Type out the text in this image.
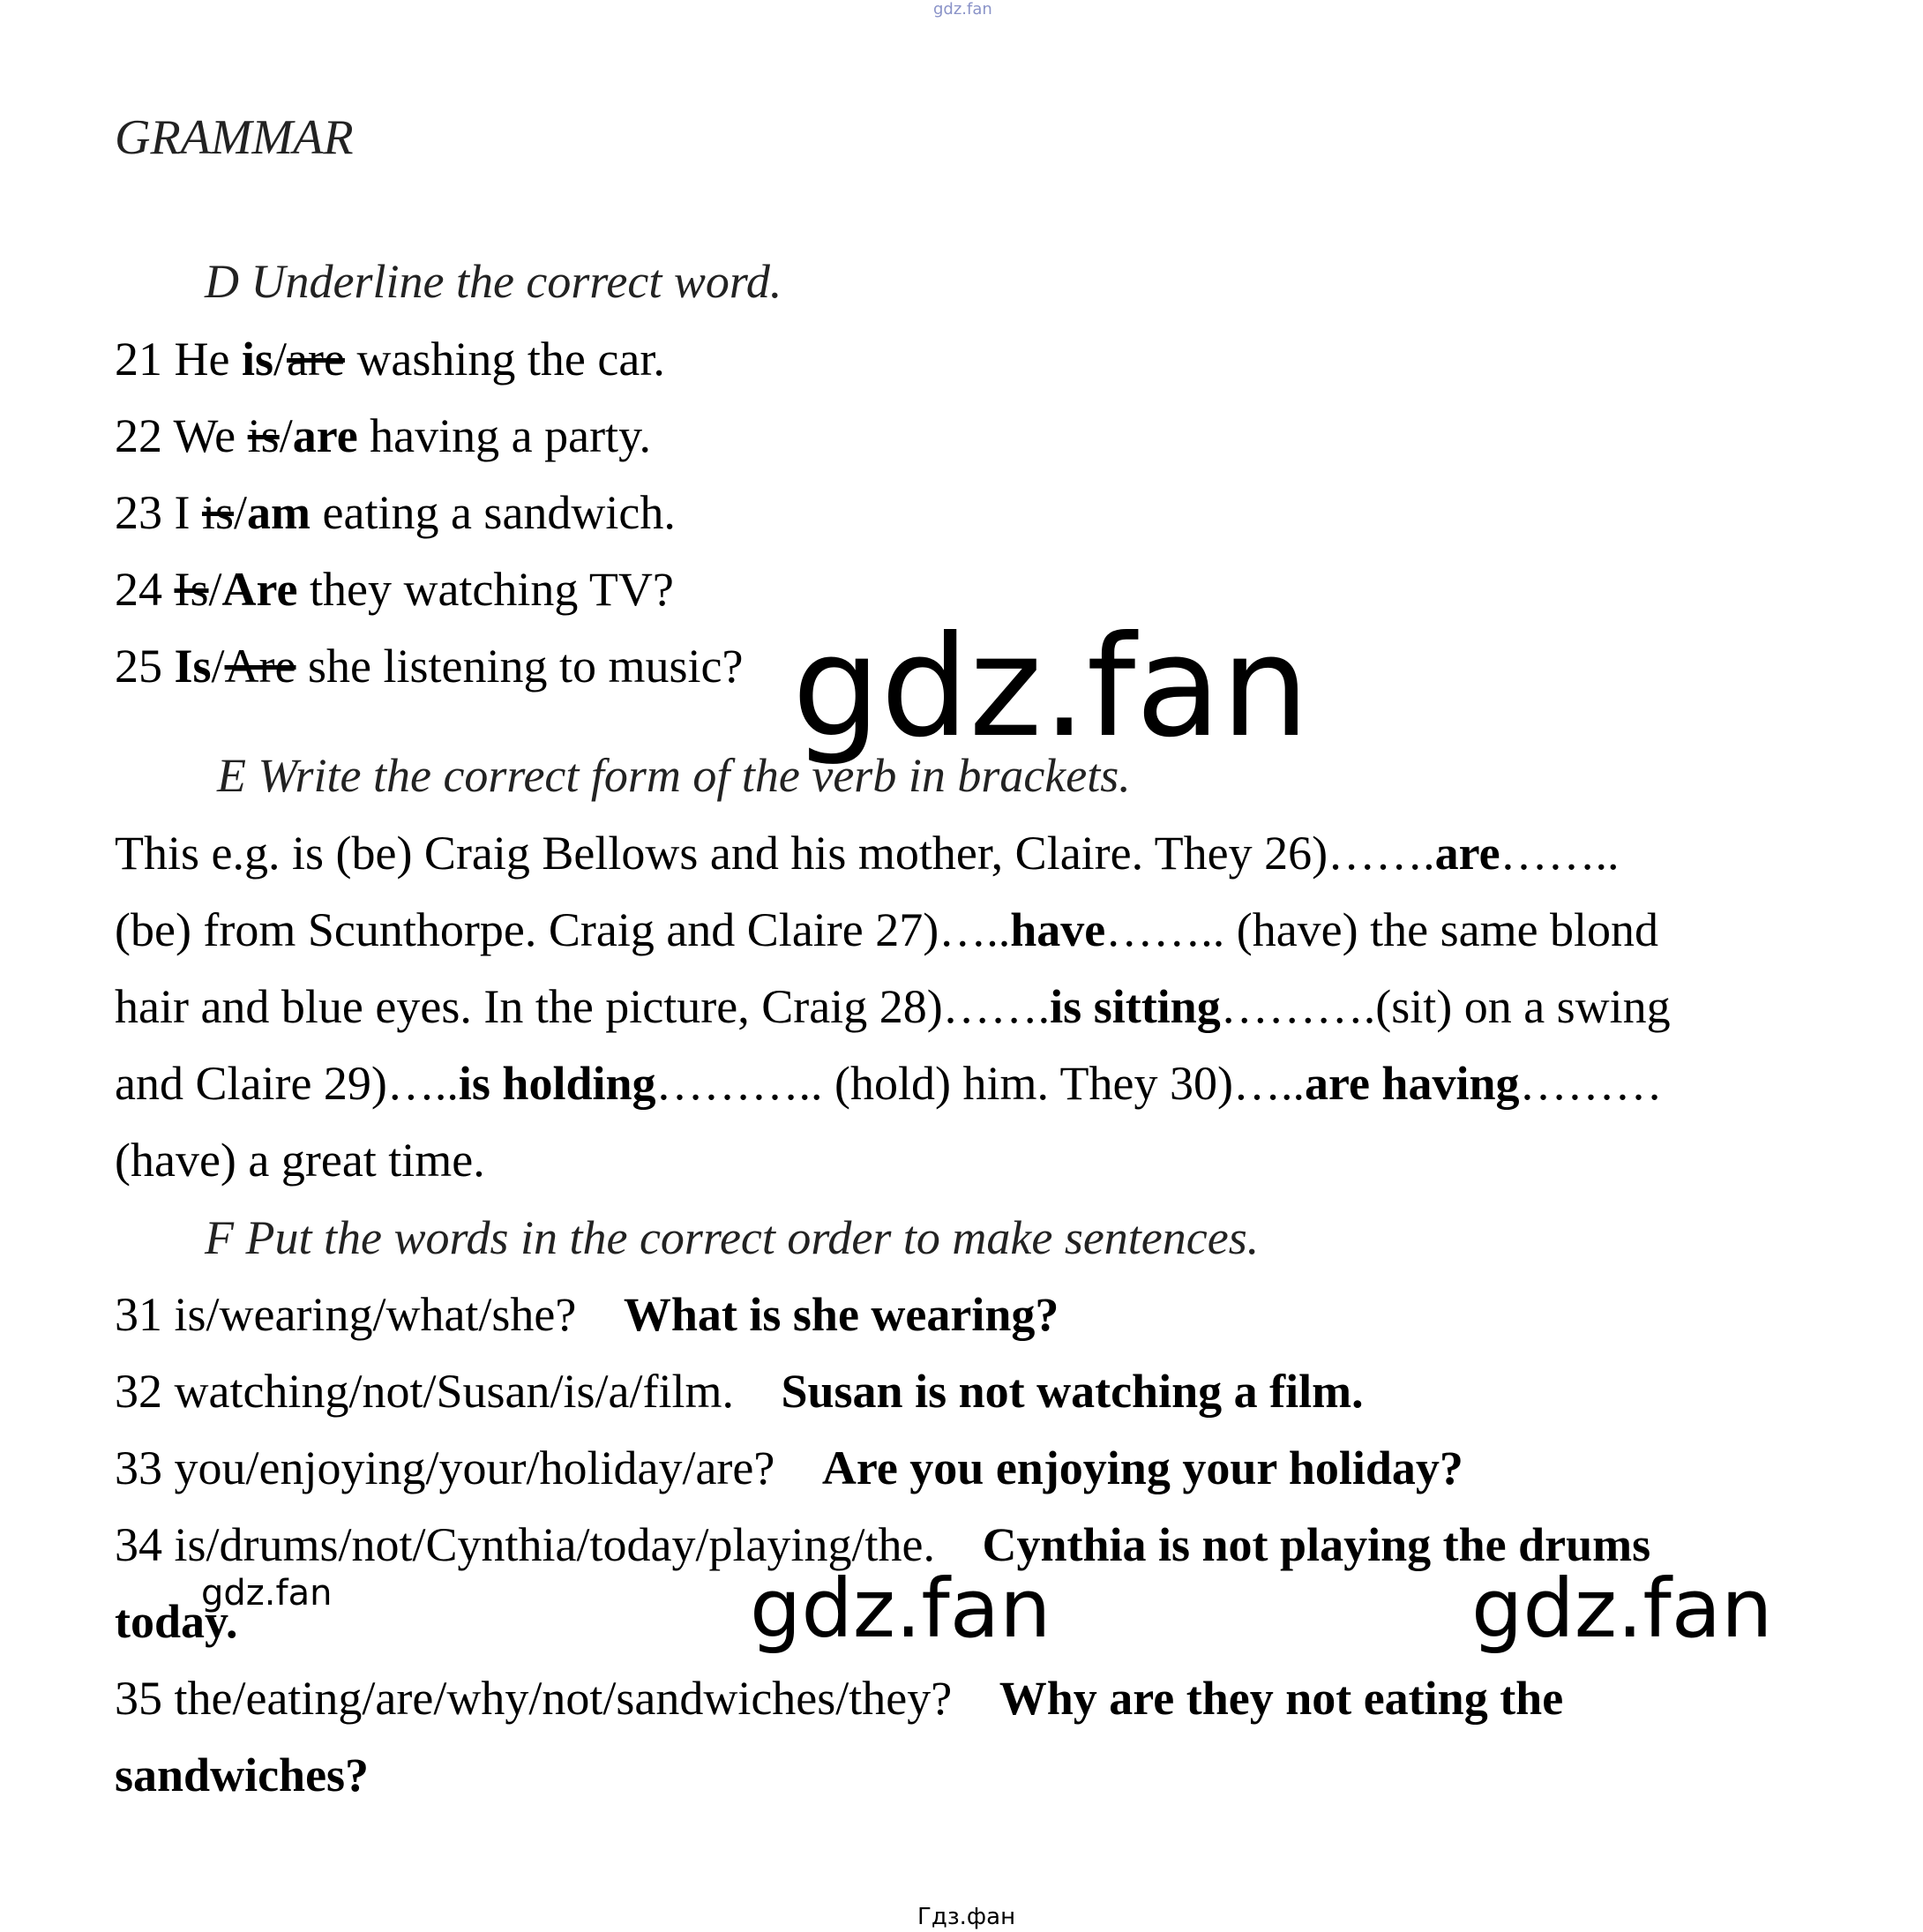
gdz.fan
GRAMMAR
D Underline the correct word.
21 He is/are washing the car.
22 We is/are having a party.
23 I is/am eating a sandwich.
24 Is/Are they watching TV?
25 Is/Are she listening to music? gdz.fan
E Write the correct form of the verb in brackets.
This e.g. is (be) Craig Bellows and his mother, Claire. They 26)…….are……..
(be) from Scunthorpe. Craig and Claire 27)…..have…….. (have) the same blond
hair and blue eyes. In the picture, Craig 28)…….is sitting……….(sit) on a swing
and Claire 29)…..is holding……….. (hold) him. They 30)…..are having………
(have) a great time.
F Put the words in the correct order to make sentences.
31 is/wearing/what/she? What is she wearing?
32 watching/not/Susan/is/a/film. Susan is not watching a film.
33 you/enjoying/your/holiday/are? Are you enjoying your holiday?
34 is/drums/not/Cynthia/today/playing/the. Cynthia is not playing the drums
today.
35 the/eating/are/why/not/sandwiches/they? Why are they not eating the
sandwiches?
gdz.fan	gdz.fan	gdz.fan
Гдз.фан
